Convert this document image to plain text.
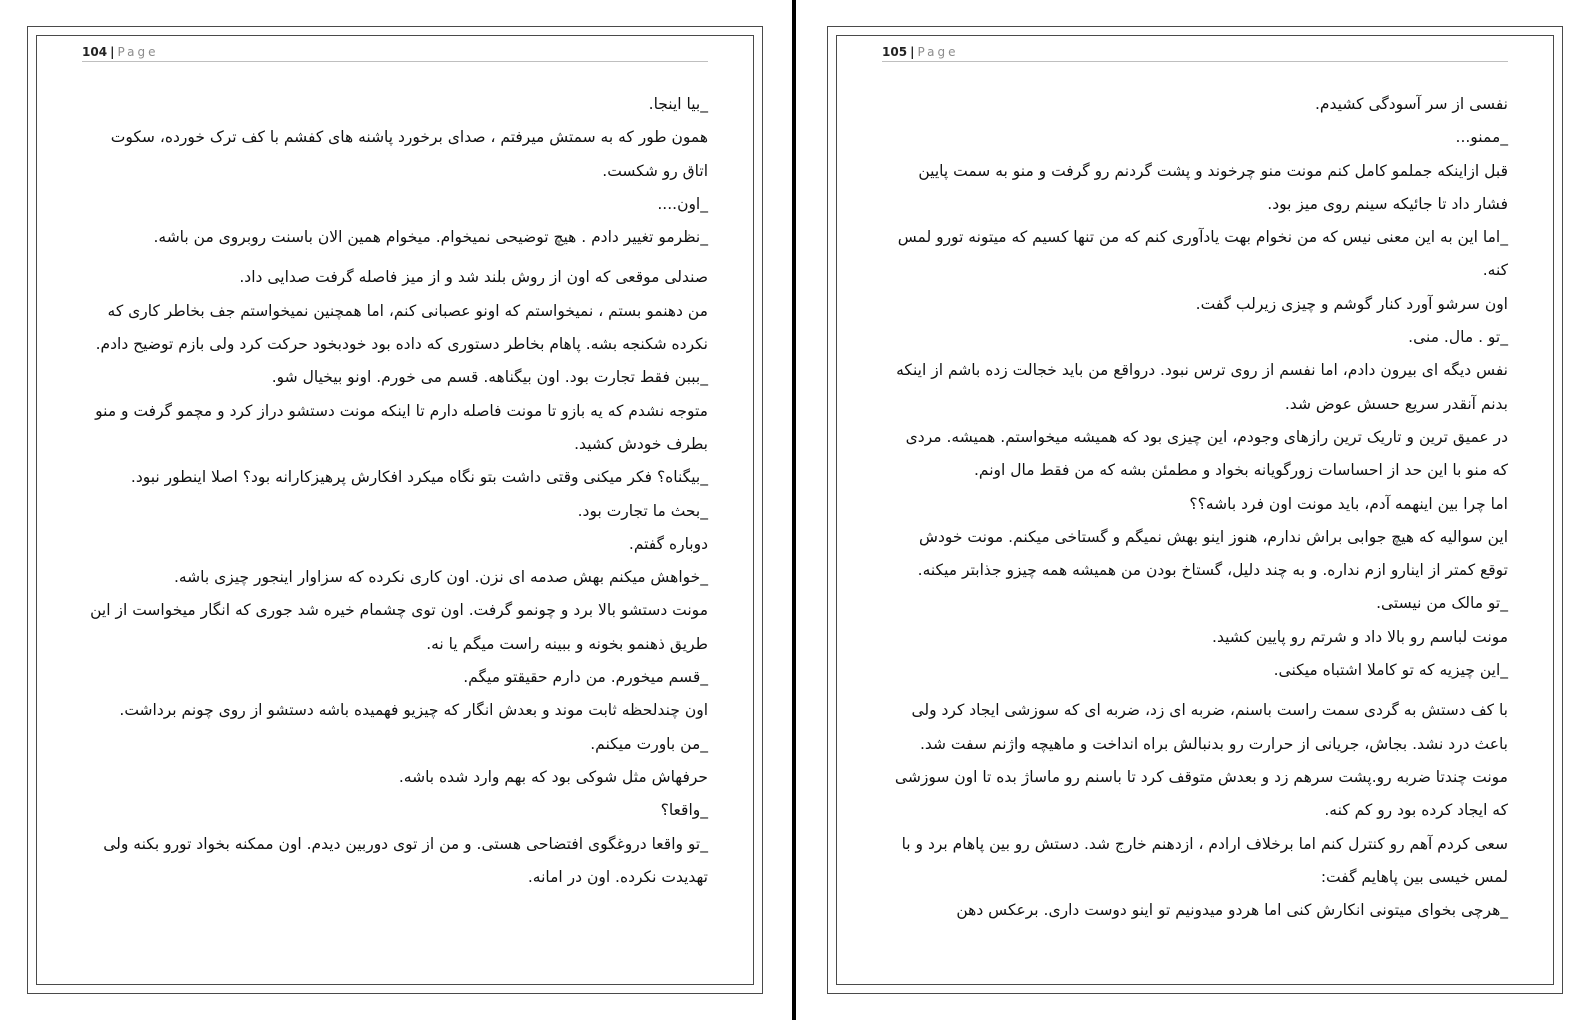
104 | Page

_بیا اینجا.

همون طور که به سمتش میرفتم ، صدای برخورد پاشنه های کفشم با کف ترک خورده، سکوت اتاق رو شکست.

_اون....

_نظرمو تغییر دادم . هیچ توضیحی نمیخوام. میخوام همین الان باسنت روبروی من باشه.

صندلی موقعی که اون از روش بلند شد و از میز فاصله گرفت صدایی داد.

من دهنمو بستم ، نمیخواستم که اونو عصبانی کنم، اما همچنین نمیخواستم جف بخاطر کاری که نکرده شکنجه بشه. پاهام بخاطر دستوری که داده بود خودبخود حرکت کرد ولی بازم توضیح دادم.

_بببن فقط تجارت بود. اون بیگناهه. قسم می خورم. اونو بیخیال شو.

متوجه نشدم که یه بازو تا مونت فاصله دارم تا اینکه مونت دستشو دراز کرد و مچمو گرفت و منو بطرف خودش کشید.

_بیگناه؟ فکر میکنی وقتی داشت بتو نگاه میکرد افکارش پرهیزکارانه بود؟ اصلا اینطور نبود.

_بحث ما تجارت بود.

دوباره گفتم.

_خواهش میکنم بهش صدمه ای نزن. اون کاری نکرده که سزاوار اینجور چیزی باشه.

مونت دستشو بالا برد و چونمو گرفت. اون توی چشمام خیره شد جوری که انگار میخواست از این طریق ذهنمو بخونه و ببینه راست میگم یا نه.

_قسم میخورم. من دارم حقیقتو میگم.

اون چندلحظه ثابت موند و بعدش انگار که چیزیو فهمیده باشه دستشو از روی چونم برداشت.

_من باورت میکنم.

حرفهاش مثل شوکی بود که بهم وارد شده باشه.

_واقعا؟

_تو واقعا دروغگوی افتضاحی هستی. و من از توی دوربین دیدم. اون ممکنه بخواد تورو بکنه ولی تهدیدت نکرده. اون در امانه.

105 | Page

نفسی از سر آسودگی کشیدم.

_ممنو...

قبل ازاینکه جملمو کامل کنم مونت منو چرخوند و پشت گردنم رو گرفت و منو به سمت پایین فشار داد تا جائیکه سینم روی میز بود.

_اما این به این معنی نیس که من نخوام بهت یادآوری کنم که من تنها کسیم که میتونه تورو لمس کنه.

اون سرشو آورد کنار گوشم و چیزی زیرلب گفت.

_تو . مال. منی.

نفس دیگه ای بیرون دادم، اما نفسم از روی ترس نبود. درواقع من باید خجالت زده باشم از اینکه بدنم آنقدر سریع حسش عوض شد.

در عمیق ترین و تاریک ترین رازهای وجودم، این چیزی بود که همیشه میخواستم. همیشه. مردی که منو با این حد از احساسات زورگویانه بخواد و مطمئن بشه که من فقط مال اونم.

اما چرا بین اینهمه آدم، باید مونت اون فرد باشه؟؟

این سوالیه که هیچ جوابی براش ندارم، هنوز اینو بهش نمیگم و گستاخی میکنم. مونت خودش توقع کمتر از اینارو ازم نداره. و به چند دلیل، گستاخ بودن من همیشه همه چیزو جذابتر میکنه.

_تو مالک من نیستی.

مونت لباسم رو بالا داد و شرتم رو پایین کشید.

_این چیزیه که تو کاملا اشتباه میکنی.

با کف دستش به گردی سمت راست باسنم، ضربه ای زد، ضربه ای که سوزشی ایجاد کرد ولی باعث درد نشد. بجاش، جریانی از حرارت رو بدنبالش براه انداخت و ماهیچه واژنم سفت شد. مونت چندتا ضربه رو.پشت سرهم زد و بعدش متوقف کرد تا باسنم رو ماساژ بده تا اون سوزشی که ایجاد کرده بود رو کم کنه.

سعی کردم آهم رو کنترل کنم اما برخلاف ارادم ، ازدهنم خارج شد. دستش رو بین پاهام برد و با لمس خیسی بین پاهایم گفت:

_هرچی بخوای میتونی انکارش کنی اما هردو میدونیم تو اینو دوست داری. برعکس دهن
